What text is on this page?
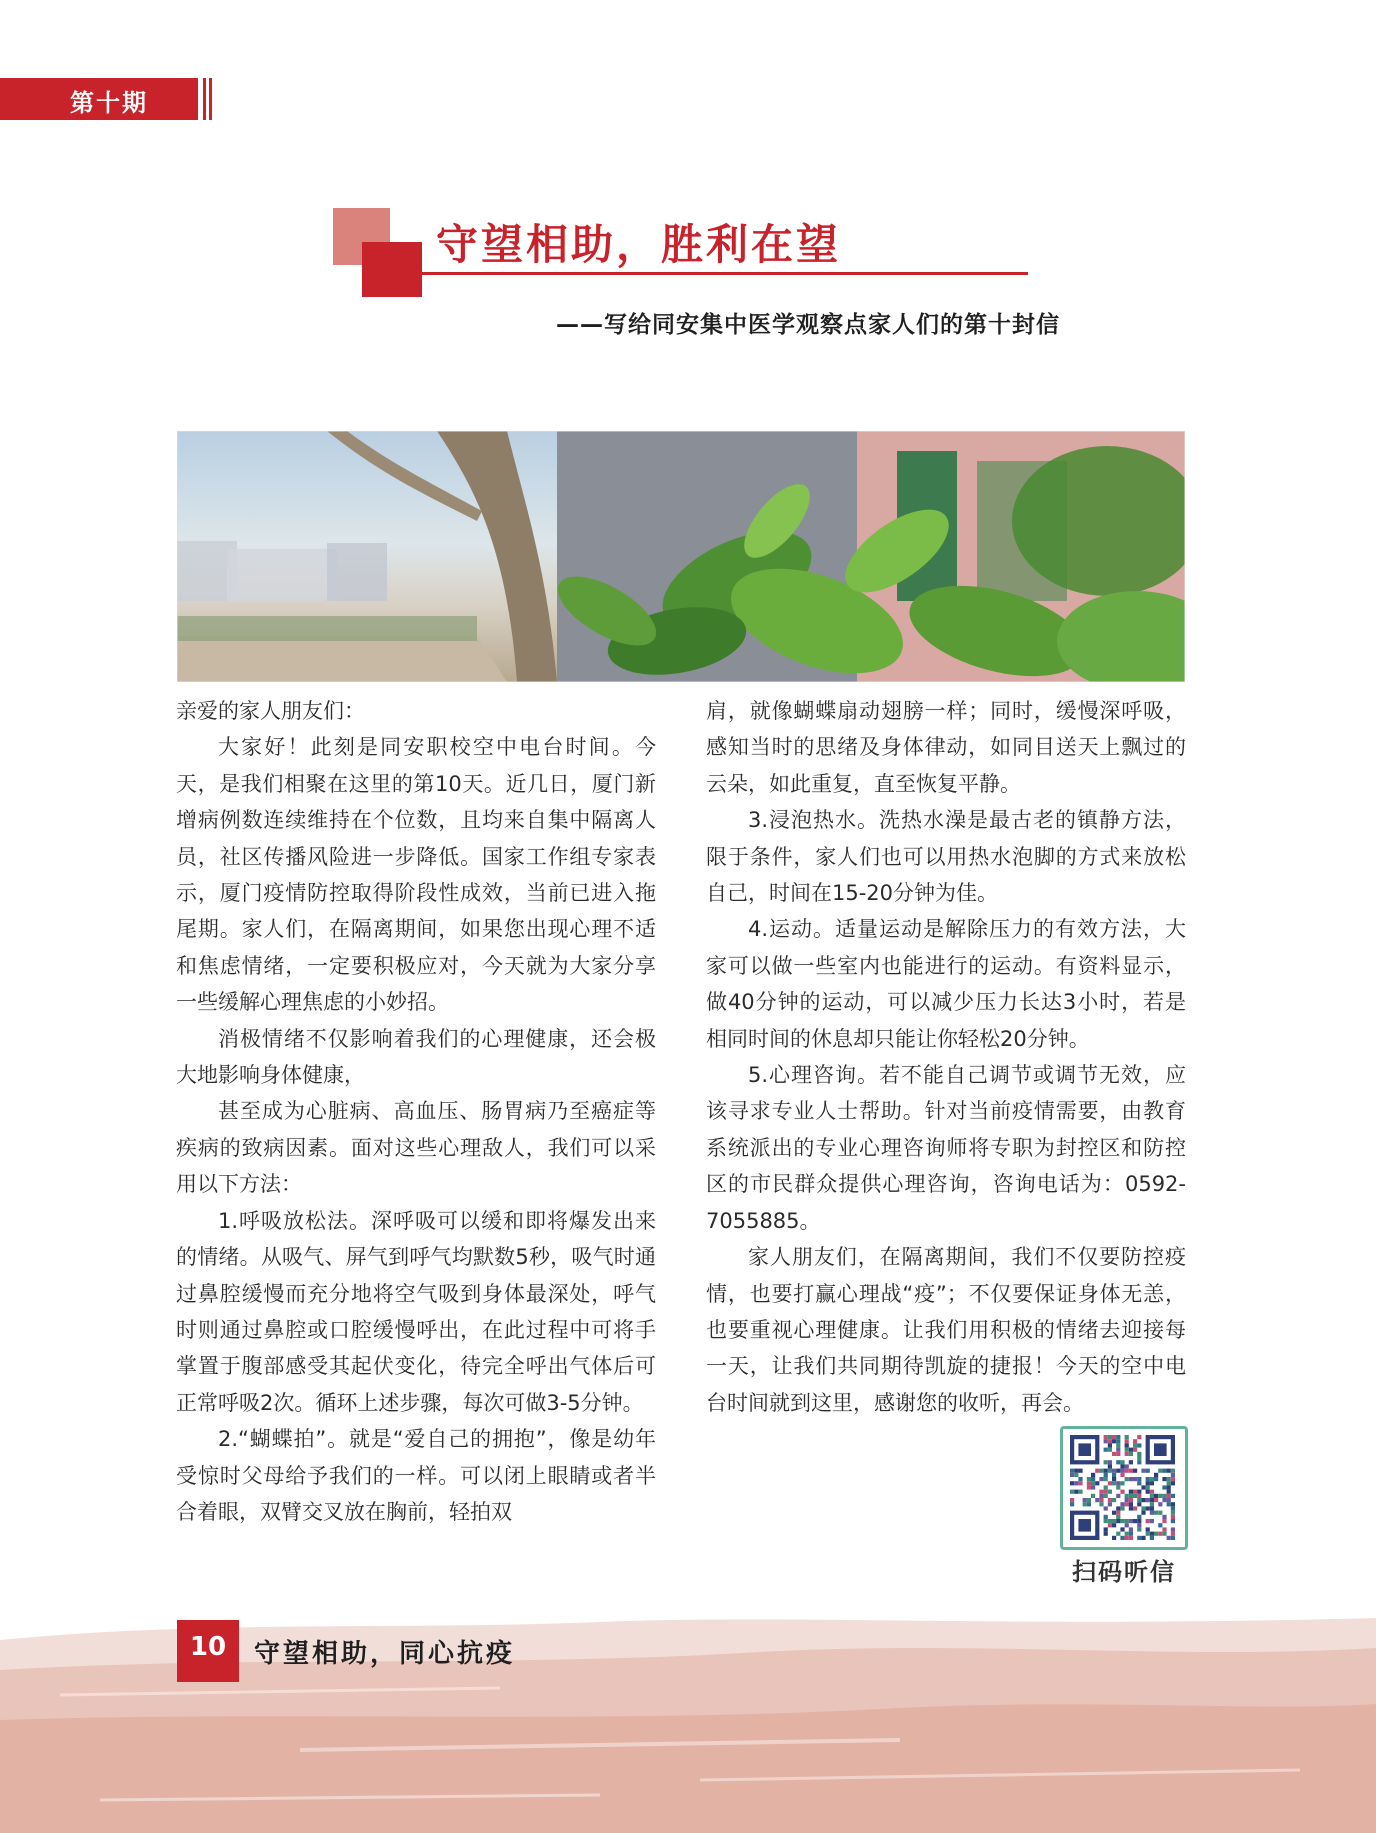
第十期
守望相助，胜利在望
——写给同安集中医学观察点家人们的第十封信

亲爱的家人朋友们：

大家好！此刻是同安职校空中电台时间。今天，是我们相聚在这里的第10天。近几日，厦门新增病例数连续维持在个位数，且均来自集中隔离人员，社区传播风险进一步降低。国家工作组专家表示，厦门疫情防控取得阶段性成效，当前已进入拖尾期。家人们，在隔离期间，如果您出现心理不适和焦虑情绪，一定要积极应对，今天就为大家分享一些缓解心理焦虑的小妙招。

消极情绪不仅影响着我们的心理健康，还会极大地影响身体健康，

甚至成为心脏病、高血压、肠胃病乃至癌症等疾病的致病因素。面对这些心理敌人，我们可以采用以下方法：

1.呼吸放松法。深呼吸可以缓和即将爆发出来的情绪。从吸气、屏气到呼气均默数5秒，吸气时通过鼻腔缓慢而充分地将空气吸到身体最深处，呼气时则通过鼻腔或口腔缓慢呼出，在此过程中可将手掌置于腹部感受其起伏变化，待完全呼出气体后可正常呼吸2次。循环上述步骤，每次可做3-5分钟。

2.“蝴蝶拍”。就是“爱自己的拥抱”，像是幼年受惊时父母给予我们的一样。可以闭上眼睛或者半合着眼，双臂交叉放在胸前，轻拍双

肩，就像蝴蝶扇动翅膀一样；同时，缓慢深呼吸，感知当时的思绪及身体律动，如同目送天上飘过的云朵，如此重复，直至恢复平静。

3.浸泡热水。洗热水澡是最古老的镇静方法，限于条件，家人们也可以用热水泡脚的方式来放松自己，时间在15-20分钟为佳。

4.运动。适量运动是解除压力的有效方法，大家可以做一些室内也能进行的运动。有资料显示，做40分钟的运动，可以减少压力长达3小时，若是相同时间的休息却只能让你轻松20分钟。

5.心理咨询。若不能自己调节或调节无效，应该寻求专业人士帮助。针对当前疫情需要，由教育系统派出的专业心理咨询师将专职为封控区和防控区的市民群众提供心理咨询，咨询电话为：0592-7055885。

家人朋友们，在隔离期间，我们不仅要防控疫情，也要打赢心理战“疫”；不仅要保证身体无恙，也要重视心理健康。让我们用积极的情绪去迎接每一天，让我们共同期待凯旋的捷报！今天的空中电台时间就到这里，感谢您的收听，再会。

扫码听信
10	守望相助，同心抗疫
